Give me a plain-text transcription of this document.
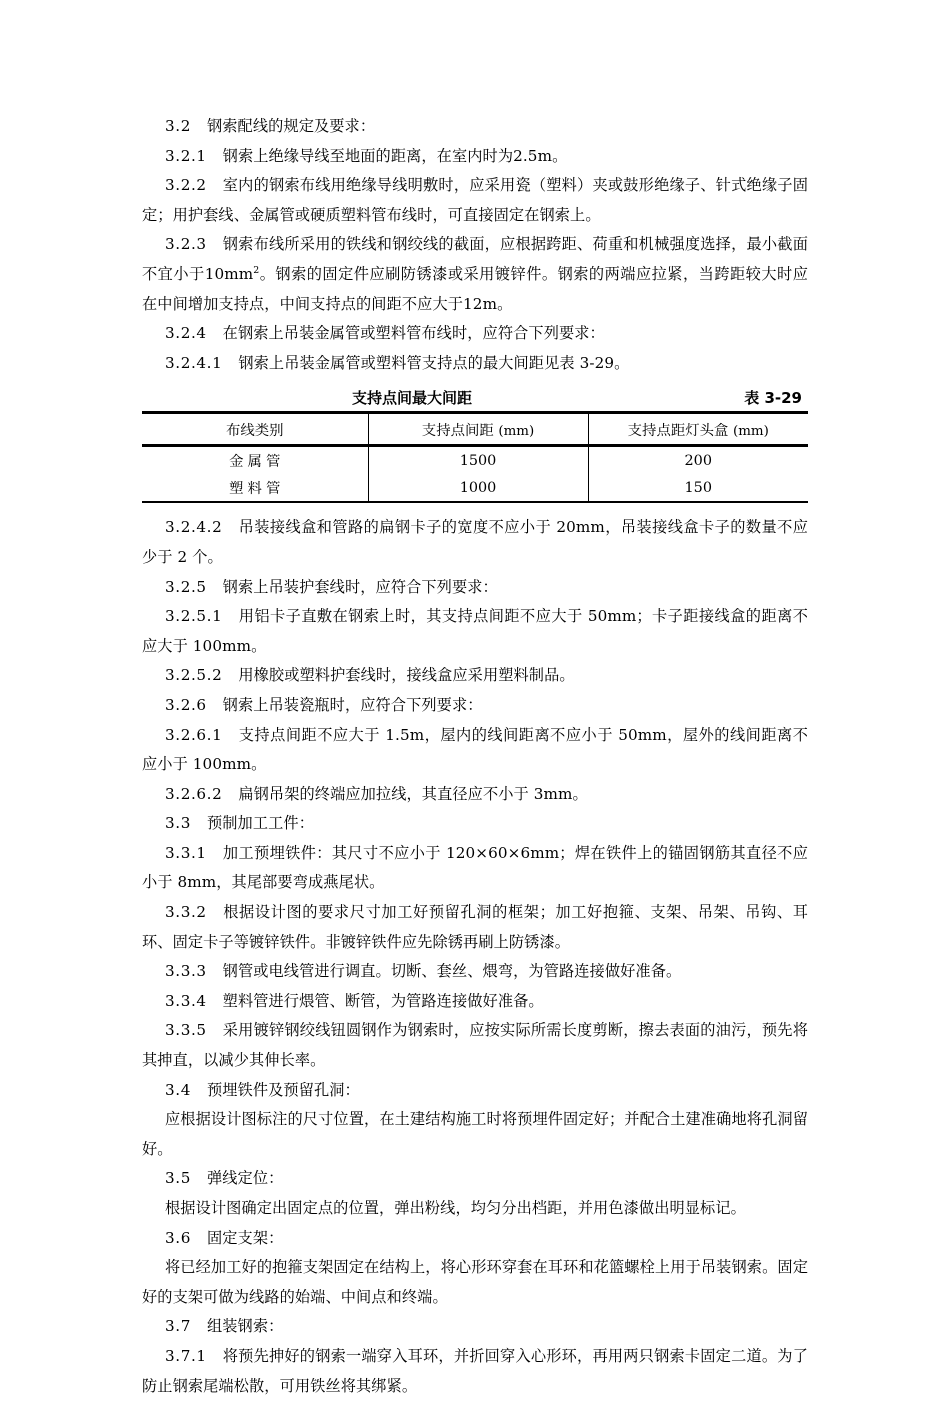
3.2 钢索配线的规定及要求：

3.2.1 钢索上绝缘导线至地面的距离，在室内时为2.5m。

3.2.2 室内的钢索布线用绝缘导线明敷时，应采用瓷（塑料）夹或鼓形绝缘子、针式绝缘子固定；用护套线、金属管或硬质塑料管布线时，可直接固定在钢索上。

3.2.3 钢索布线所采用的铁线和钢绞线的截面，应根据跨距、荷重和机械强度选择，最小截面不宜小于$10mm^2$。钢索的固定件应刷防锈漆或采用镀锌件。钢索的两端应拉紧，当跨距较大时应在中间增加支持点，中间支持点的间距不应大于12m。

3.2.4 在钢索上吊装金属管或塑料管布线时，应符合下列要求：

3.2.4.1 钢索上吊装金属管或塑料管支持点的最大间距见表 3-29。

支持点间最大间距	表 3-29
布线类别	支持点间距 (mm)	支持点距灯头盒 (mm)
金属管	1500	200
塑料管	1000	150

3.2.4.2 吊装接线盒和管路的扁钢卡子的宽度不应小于 20mm，吊装接线盒卡子的数量不应少于 2 个。

3.2.5 钢索上吊装护套线时，应符合下列要求：

3.2.5.1 用铝卡子直敷在钢索上时，其支持点间距不应大于 50mm；卡子距接线盒的距离不应大于 100mm。

3.2.5.2 用橡胶或塑料护套线时，接线盒应采用塑料制品。

3.2.6 钢索上吊装瓷瓶时，应符合下列要求：

3.2.6.1 支持点间距不应大于 1.5m，屋内的线间距离不应小于 50mm，屋外的线间距离不应小于 100mm。

3.2.6.2 扁钢吊架的终端应加拉线，其直径应不小于 3mm。

3.3 预制加工工件：

3.3.1 加工预埋铁件：其尺寸不应小于 120×60×6mm；焊在铁件上的锚固钢筋其直径不应小于 8mm，其尾部要弯成燕尾状。

3.3.2 根据设计图的要求尺寸加工好预留孔洞的框架；加工好抱箍、支架、吊架、吊钩、耳环、固定卡子等镀锌铁件。非镀锌铁件应先除锈再刷上防锈漆。

3.3.3 钢管或电线管进行调直。切断、套丝、煨弯，为管路连接做好准备。

3.3.4 塑料管进行煨管、断管，为管路连接做好准备。

3.3.5 采用镀锌钢绞线钮圆钢作为钢索时，应按实际所需长度剪断，擦去表面的油污，预先将其抻直，以减少其伸长率。

3.4 预埋铁件及预留孔洞：

应根据设计图标注的尺寸位置，在土建结构施工时将预埋件固定好；并配合土建准确地将孔洞留好。

3.5 弹线定位：

根据设计图确定出固定点的位置，弹出粉线，均匀分出档距，并用色漆做出明显标记。

3.6 固定支架：

将已经加工好的抱箍支架固定在结构上，将心形环穿套在耳环和花篮螺栓上用于吊装钢索。固定好的支架可做为线路的始端、中间点和终端。

3.7 组装钢索：

3.7.1 将预先抻好的钢索一端穿入耳环，并折回穿入心形环，再用两只钢索卡固定二道。为了防止钢索尾端松散，可用铁丝将其绑紧。
